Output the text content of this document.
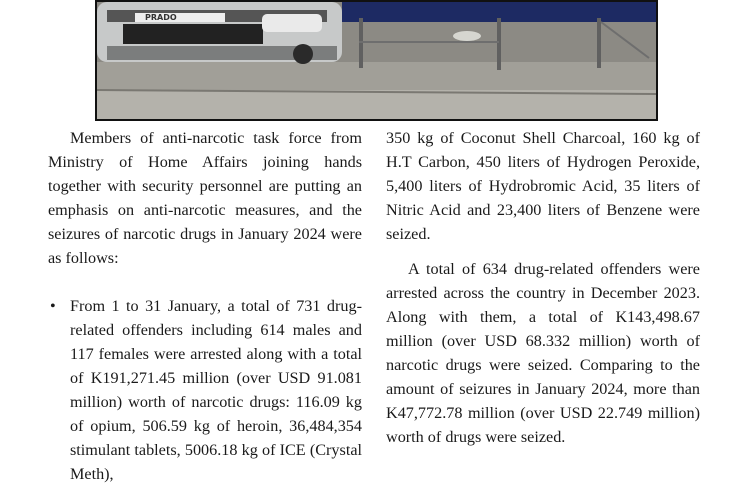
PRADO

Members of anti-narcotic task force from Ministry of Home Affairs joining hands together with security personnel are putting an emphasis on anti-narcotic measures, and the seizures of narcotic drugs in January 2024 were as follows:

• From 1 to 31 January, a total of 731 drug-related offenders including 614 males and 117 females were arrested along with a total of K191,271.45 million (over USD 91.081 million) worth of narcotic drugs: 116.09 kg of opium, 506.59 kg of heroin, 36,484,354 stimulant tablets, 5006.18 kg of ICE (Crystal Meth),

350 kg of Coconut Shell Charcoal, 160 kg of H.T Carbon, 450 liters of Hydrogen Peroxide, 5,400 liters of Hydrobromic Acid, 35 liters of Nitric Acid and 23,400 liters of Benzene were seized.

A total of 634 drug-related offenders were arrested across the country in December 2023. Along with them, a total of K143,498.67 million (over USD 68.332 million) worth of narcotic drugs were seized. Comparing to the amount of seizures in January 2024, more than K47,772.78 million (over USD 22.749 million) worth of drugs were seized.
